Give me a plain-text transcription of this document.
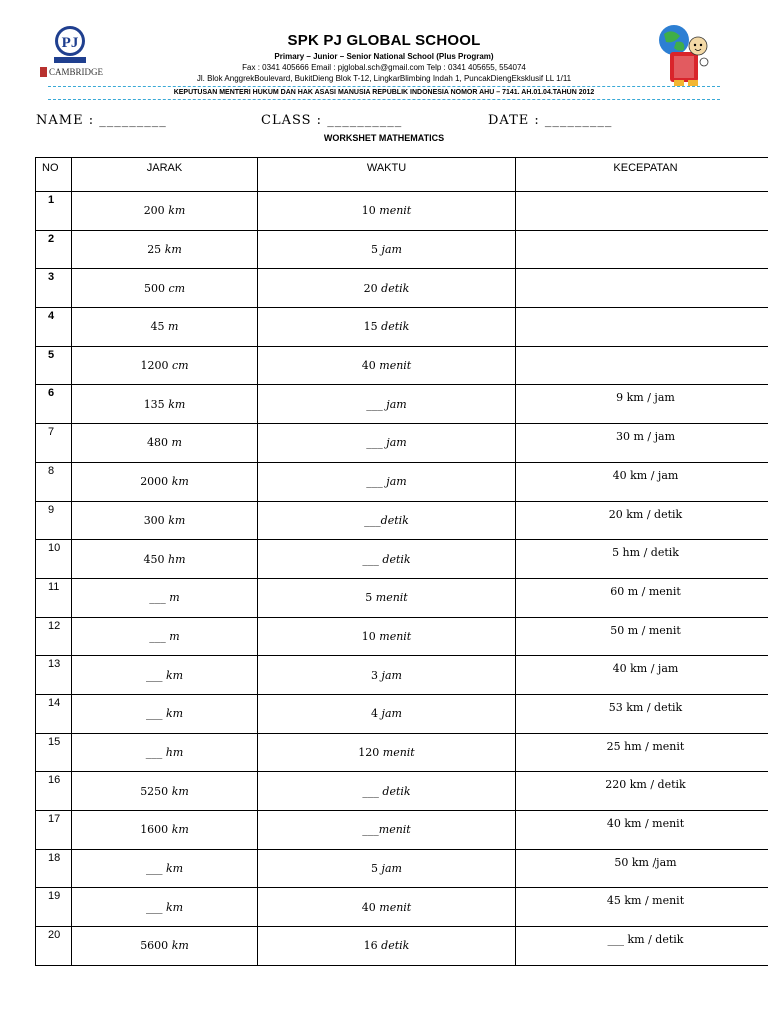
PJ
CAMBRIDGE
SPK PJ GLOBAL SCHOOL
Primary – Junior – Senior National School (Plus Program)
Fax : 0341 405666 Email : pjglobal.sch@gmail.com Telp : 0341 405655, 554074
Jl. Blok AnggrekBoulevard, BukitDieng Blok T-12, LingkarBlimbing Indah 1, PuncakDiengEksklusif LL 1/11
KEPUTUSAN MENTERI HUKUM DAN HAK ASASI MANUSIA REPUBLIK INDONESIA NOMOR AHU – 7141. AH.01.04.TAHUN 2012
NAME : _________	CLASS : __________	DATE : _________
WORKSHET MATHEMATICS
NO	JARAK	WAKTU	KECEPATAN
1	200 km	10 menit	
2	25 km	5 jam	
3	500 cm	20 detik	
4	45 m	15 detik	
5	1200 cm	40 menit	
6	135 km	___ jam	9 km / jam
7	480 m	___ jam	30 m / jam
8	2000 km	___ jam	40 km / jam
9	300 km	___detik	20 km / detik
10	450 hm	___ detik	5 hm / detik
11	___ m	5 menit	60 m / menit
12	___ m	10 menit	50 m / menit
13	___ km	3 jam	40 km / jam
14	___ km	4 jam	53 km / detik
15	___ hm	120 menit	25 hm / menit
16	5250 km	___ detik	220 km / detik
17	1600 km	___menit	40 km / menit
18	___ km	5 jam	50 km /jam
19	___ km	40 menit	45 km / menit
20	5600 km	16 detik	___ km / detik
